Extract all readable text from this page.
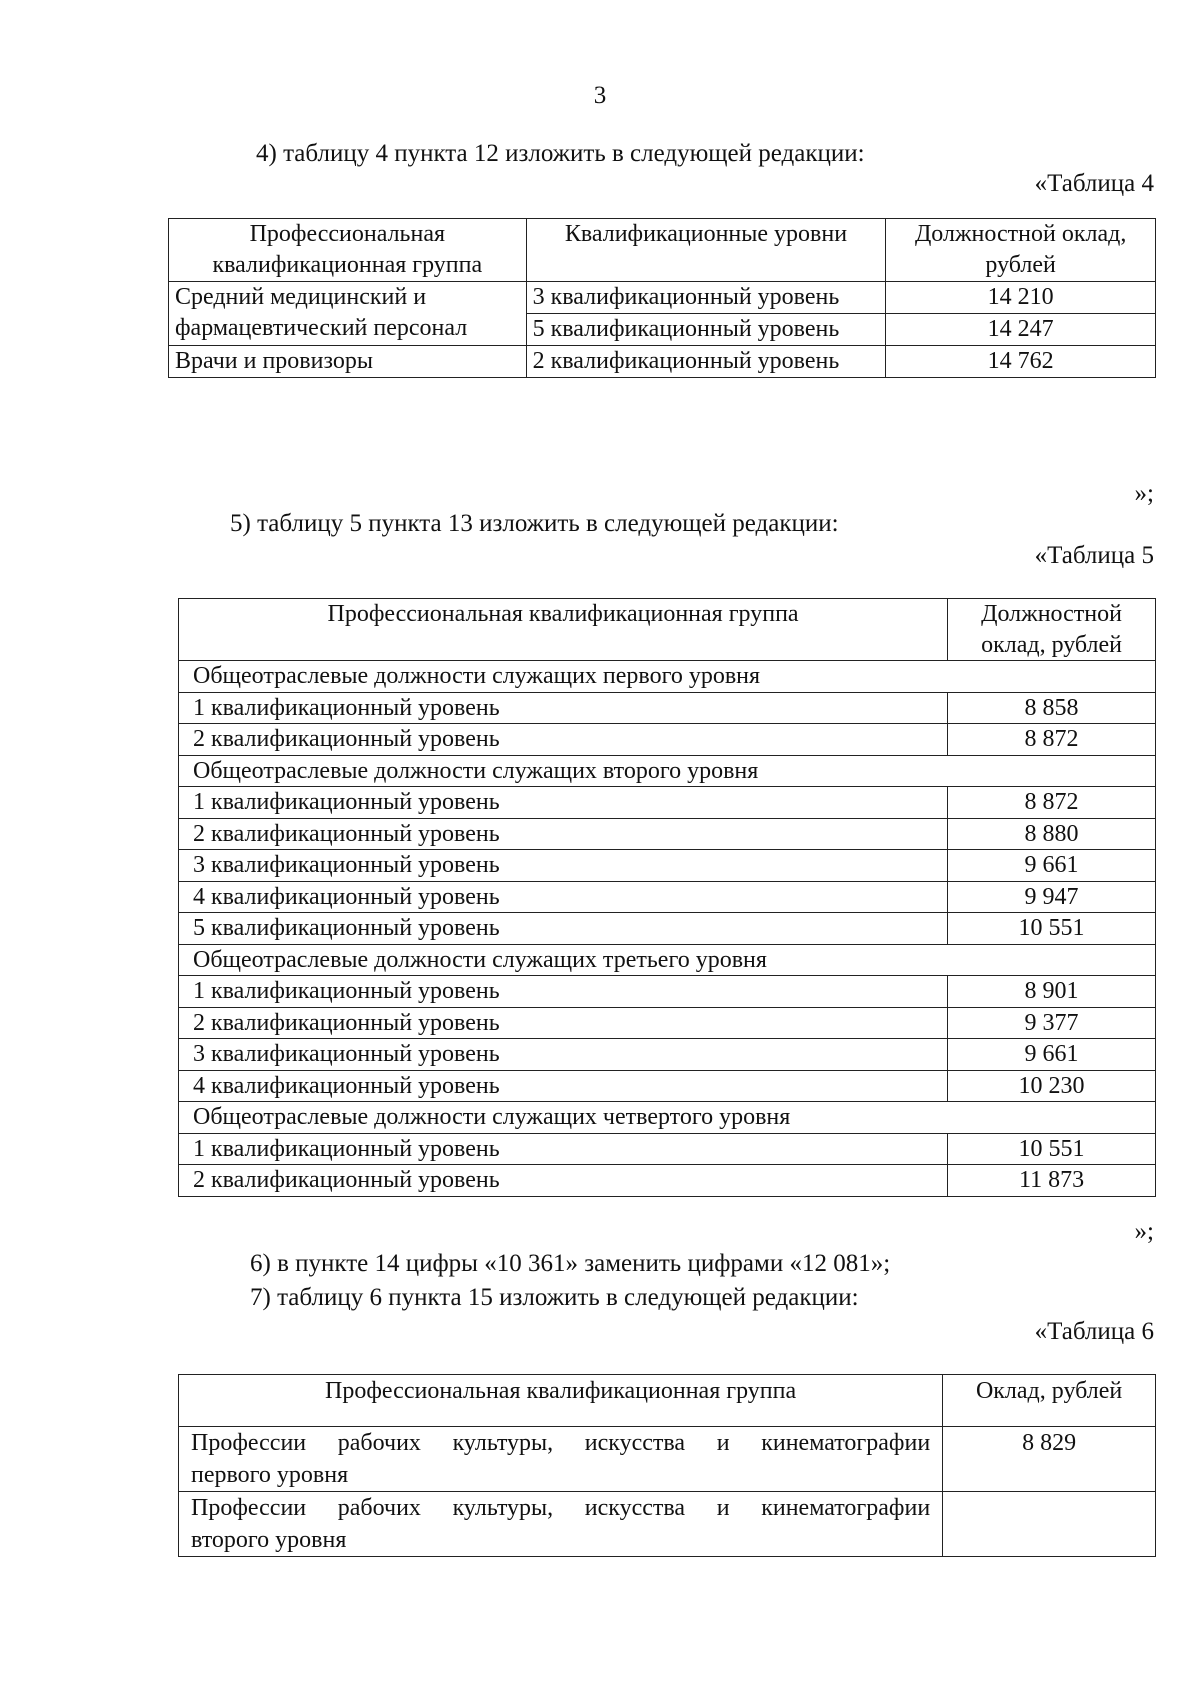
3
4) таблицу 4 пункта 12 изложить в следующей редакции:
«Таблица 4
Профессиональная квалификационная группа	Квалификационные уровни	Должностной оклад, рублей
Средний медицинский и фармацевтический персонал	3 квалификационный уровень	14 210
	5 квалификационный уровень	14 247
Врачи и провизоры	2 квалификационный уровень	14 762
»;
5) таблицу 5 пункта 13 изложить в следующей редакции:
«Таблица 5
Профессиональная квалификационная группа	Должностной оклад, рублей
Общеотраслевые должности служащих первого уровня	
1 квалификационный уровень	8 858
2 квалификационный уровень	8 872
Общеотраслевые должности служащих второго уровня	
1 квалификационный уровень	8 872
2 квалификационный уровень	8 880
3 квалификационный уровень	9 661
4 квалификационный уровень	9 947
5 квалификационный уровень	10 551
Общеотраслевые должности служащих третьего уровня	
1 квалификационный уровень	8 901
2 квалификационный уровень	9 377
3 квалификационный уровень	9 661
4 квалификационный уровень	10 230
Общеотраслевые должности служащих четвертого уровня	
1 квалификационный уровень	10 551
2 квалификационный уровень	11 873
»;
6) в пункте 14 цифры «10 361» заменить цифрами «12 081»;
7) таблицу 6 пункта 15 изложить в следующей редакции:
«Таблица 6
Профессиональная квалификационная группа	Оклад, рублей

Профессии рабочих культуры, искусства и кинематографии
первого уровня	8 829

Профессии рабочих культуры, искусства и кинематографии
второго уровня	
